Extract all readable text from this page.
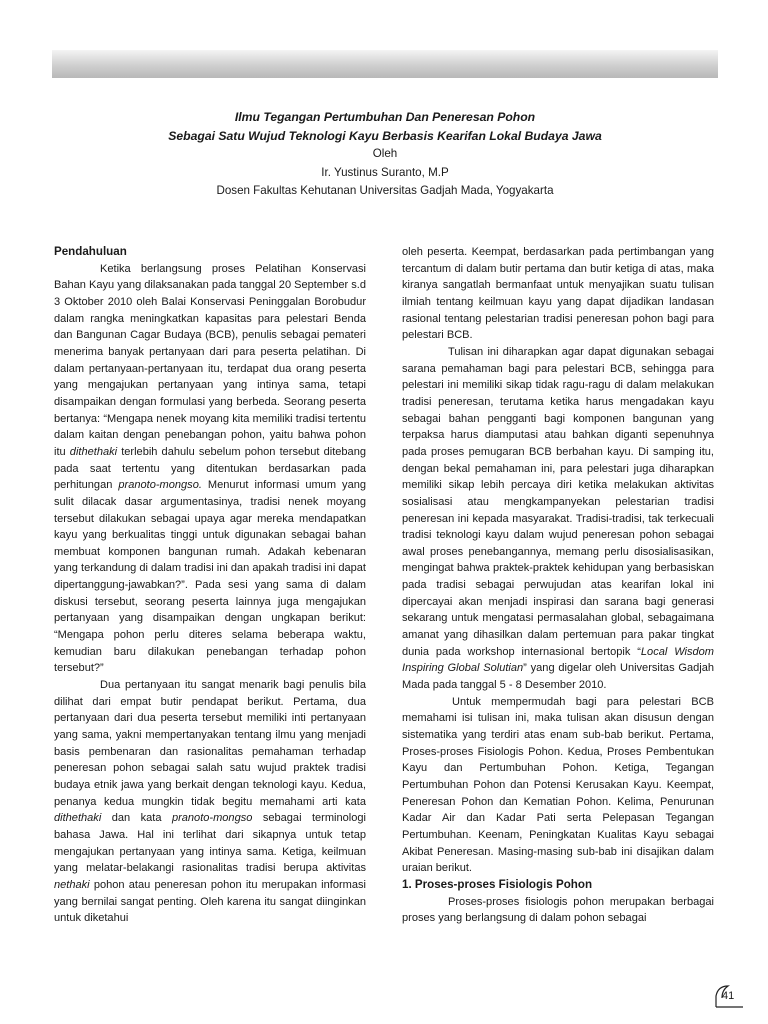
Ilmu Tegangan Pertumbuhan Dan Peneresan Pohon
Sebagai Satu Wujud Teknologi Kayu Berbasis Kearifan Lokal Budaya Jawa
Oleh
Ir. Yustinus Suranto, M.P
Dosen Fakultas Kehutanan Universitas Gadjah Mada, Yogyakarta

Pendahuluan

Ketika berlangsung proses Pelatihan Konservasi Bahan Kayu yang dilaksanakan pada tanggal 20 September s.d 3 Oktober 2010 oleh Balai Konservasi Peninggalan Borobudur dalam rangka meningkatkan kapasitas para pelestari Benda dan Bangunan Cagar Budaya (BCB), penulis sebagai pemateri menerima banyak pertanyaan dari para peserta pelatihan. Di dalam pertanyaan-pertanyaan itu, terdapat dua orang peserta yang mengajukan pertanyaan yang intinya sama, tetapi disampaikan dengan formulasi yang berbeda. Seorang peserta bertanya: “Mengapa nenek moyang kita memiliki tradisi tertentu dalam kaitan dengan penebangan pohon, yaitu bahwa pohon itu dithethaki terlebih dahulu sebelum pohon tersebut ditebang pada saat tertentu yang ditentukan berdasarkan pada perhitungan pranoto-mongso. Menurut informasi umum yang sulit dilacak dasar argumentasinya, tradisi nenek moyang tersebut dilakukan sebagai upaya agar mereka mendapatkan kayu yang berkualitas tinggi untuk digunakan sebagai bahan membuat komponen bangunan rumah. Adakah kebenaran yang terkandung di dalam tradisi ini dan apakah tradisi ini dapat dipertanggung-jawabkan?”. Pada sesi yang sama di dalam diskusi tersebut, seorang peserta lainnya juga mengajukan pertanyaan yang disampaikan dengan ungkapan berikut: “Mengapa pohon perlu diteres selama beberapa waktu, kemudian baru dilakukan penebangan terhadap pohon tersebut?”

Dua pertanyaan itu sangat menarik bagi penulis bila dilihat dari empat butir pendapat berikut. Pertama, dua pertanyaan dari dua peserta tersebut memiliki inti pertanyaan yang sama, yakni mempertanyakan tentang ilmu yang menjadi basis pembenaran dan rasionalitas pemahaman terhadap peneresan pohon sebagai salah satu wujud praktek tradisi budaya etnik jawa yang berkait dengan teknologi kayu. Kedua, penanya kedua mungkin tidak begitu memahami arti kata dithethaki dan kata pranoto-mongso sebagai terminologi bahasa Jawa. Hal ini terlihat dari sikapnya untuk tetap mengajukan pertanyaan yang intinya sama. Ketiga, keilmuan yang melatar-belakangi rasionalitas tradisi berupa aktivitas nethaki pohon atau peneresan pohon itu merupakan informasi yang bernilai sangat penting. Oleh karena itu sangat diinginkan untuk diketahui

oleh peserta. Keempat, berdasarkan pada pertimbangan yang tercantum di dalam butir pertama dan butir ketiga di atas, maka kiranya sangatlah bermanfaat untuk menyajikan suatu tulisan ilmiah tentang keilmuan kayu yang dapat dijadikan landasan rasional tentang pelestarian tradisi peneresan pohon bagi para pelestari BCB.

Tulisan ini diharapkan agar dapat digunakan sebagai sarana pemahaman bagi para pelestari BCB, sehingga para pelestari ini memiliki sikap tidak ragu-ragu di dalam melakukan tradisi peneresan, terutama ketika harus mengadakan kayu sebagai bahan pengganti bagi komponen bangunan yang terpaksa harus diamputasi atau bahkan diganti sepenuhnya pada proses pemugaran BCB berbahan kayu. Di samping itu, dengan bekal pemahaman ini, para pelestari juga diharapkan memiliki sikap lebih percaya diri ketika melakukan aktivitas sosialisasi atau mengkampanyekan pelestarian tradisi peneresan ini kepada masyarakat. Tradisi-tradisi, tak terkecuali tradisi teknologi kayu dalam wujud peneresan pohon sebagai awal proses penebangannya, memang perlu disosialisasikan, mengingat bahwa praktek-praktek kehidupan yang berbasiskan pada tradisi sebagai perwujudan atas kearifan lokal ini dipercayai akan menjadi inspirasi dan sarana bagi generasi sekarang untuk mengatasi permasalahan global, sebagaimana amanat yang dihasilkan dalam pertemuan para pakar tingkat dunia pada workshop internasional bertopik “Local Wisdom Inspiring Global Solutian” yang digelar oleh Universitas Gadjah Mada pada tanggal 5 - 8 Desember 2010.

Untuk mempermudah bagi para pelestari BCB memahami isi tulisan ini, maka tulisan akan disusun dengan sistematika yang terdiri atas enam sub-bab berikut. Pertama, Proses-proses Fisiologis Pohon. Kedua, Proses Pembentukan Kayu dan Pertumbuhan Pohon. Ketiga, Tegangan Pertumbuhan Pohon dan Potensi Kerusakan Kayu. Keempat, Peneresan Pohon dan Kematian Pohon. Kelima, Penurunan Kadar Air dan Kadar Pati serta Pelepasan Tegangan Pertumbuhan. Keenam, Peningkatan Kualitas Kayu sebagai Akibat Peneresan. Masing-masing sub-bab ini disajikan dalam uraian berikut.

1. Proses-proses Fisiologis Pohon

Proses-proses fisiologis pohon merupakan berbagai proses yang berlangsung di dalam pohon sebagai

41
